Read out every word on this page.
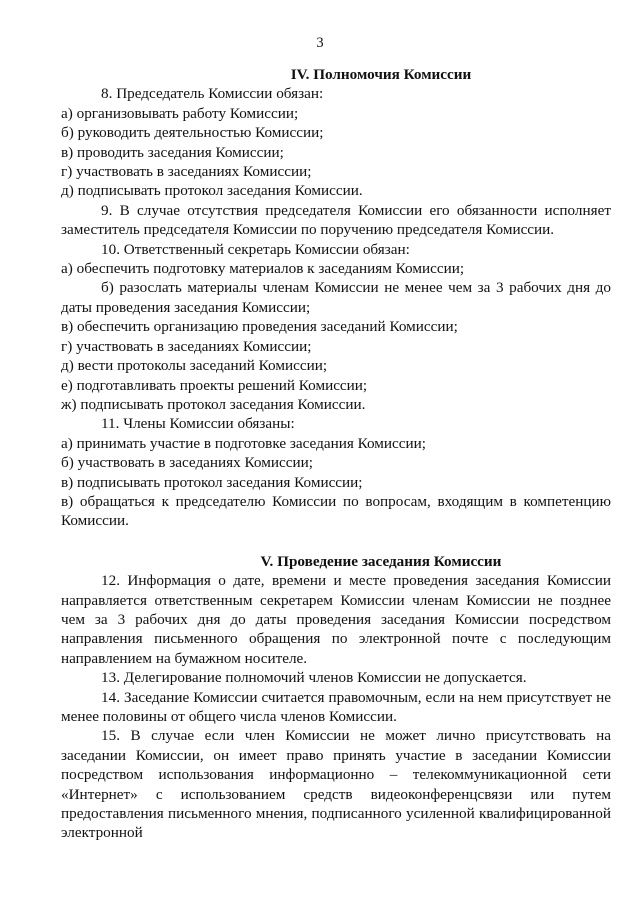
3

IV. Полномочия Комиссии

8. Председатель Комиссии обязан:

а) организовывать работу Комиссии;

б) руководить деятельностью Комиссии;

в) проводить заседания Комиссии;

г) участвовать в заседаниях Комиссии;

д) подписывать протокол заседания Комиссии.

9. В случае отсутствия председателя Комиссии его обязанности исполняет заместитель председателя Комиссии по поручению председателя Комиссии.

10. Ответственный секретарь Комиссии обязан:

а) обеспечить подготовку материалов к заседаниям Комиссии;

б) разослать материалы членам Комиссии не менее чем за 3 рабочих дня до даты проведения заседания Комиссии;

в) обеспечить организацию проведения заседаний Комиссии;

г) участвовать в заседаниях Комиссии;

д) вести протоколы заседаний Комиссии;

е) подготавливать проекты решений Комиссии;

ж) подписывать протокол заседания Комиссии.

11. Члены Комиссии обязаны:

а) принимать участие в подготовке заседания Комиссии;

б) участвовать в заседаниях Комиссии;

в) подписывать протокол заседания Комиссии;

в) обращаться к председателю Комиссии по вопросам, входящим в компетенцию Комиссии.

V. Проведение заседания Комиссии

12. Информация о дате, времени и месте проведения заседания Комиссии направляется ответственным секретарем Комиссии членам Комиссии не позднее чем за 3 рабочих дня до даты проведения заседания Комиссии посредством направления письменного обращения по электронной почте с последующим направлением на бумажном носителе.

13. Делегирование полномочий членов Комиссии не допускается.

14. Заседание Комиссии считается правомочным, если на нем присутствует не менее половины от общего числа членов Комиссии.

15. В случае если член Комиссии не может лично присутствовать на заседании Комиссии, он имеет право принять участие в заседании Комиссии посредством использования информационно – телекоммуникационной сети «Интернет» с использованием средств видеоконференцсвязи или путем предоставления письменного мнения, подписанного усиленной квалифицированной электронной
